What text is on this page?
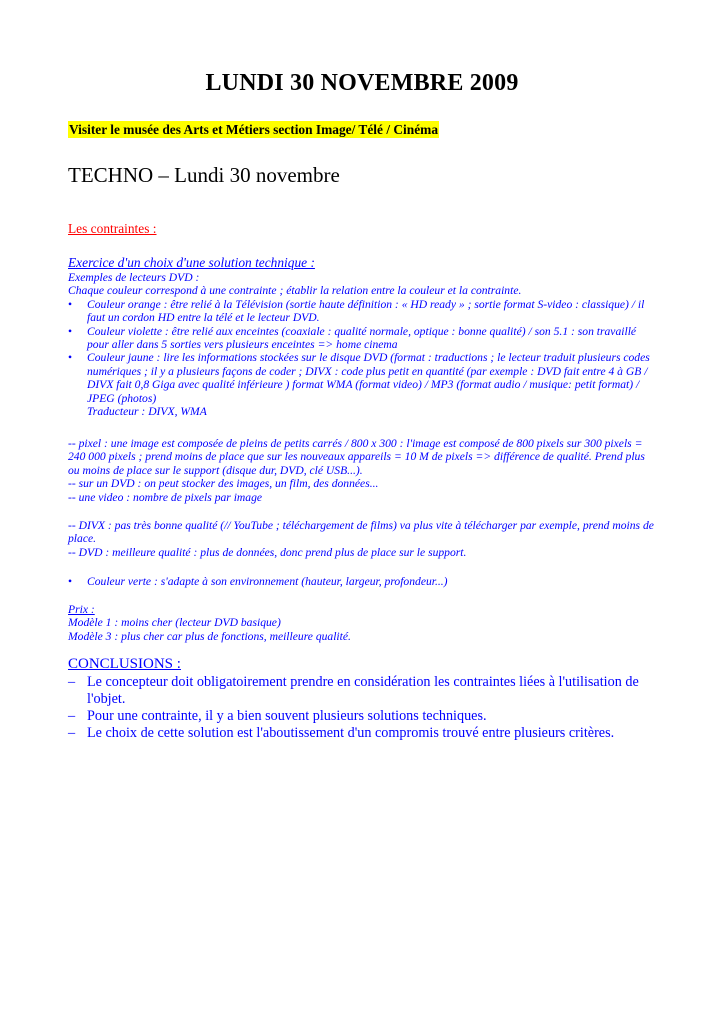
LUNDI 30 NOVEMBRE 2009
Visiter le musée des Arts et Métiers section Image/ Télé / Cinéma
TECHNO – Lundi 30 novembre
Les contraintes :
Exercice d'un choix d'une solution technique :

Exemples de lecteurs DVD :

Chaque couleur correspond à une contrainte ; établir la relation entre la couleur et la contrainte.

• Couleur orange : être relié à la Télévision (sortie haute définition : « HD ready » ; sortie format S-video : classique) / il faut un cordon HD entre la télé et le lecteur DVD.
• Couleur violette : être relié aux enceintes (coaxiale : qualité normale, optique : bonne qualité) / son 5.1 : son travaillé pour aller dans 5 sorties vers plusieurs enceintes => home cinema
• Couleur jaune : lire les informations stockées sur le disque DVD (format : traductions ; le lecteur traduit plusieurs codes numériques ; il y a plusieurs façons de coder ; DIVX : code plus petit en quantité (par exemple : DVD fait entre 4 à GB / DIVX fait 0,8 Giga avec qualité inférieure ) format WMA (format video) / MP3 (format audio / musique: petit format) / JPEG (photos)

Traducteur : DIVX, WMA

-- pixel : une image est composée de pleins de petits carrés / 800 x 300 : l'image est composé de 800 pixels sur 300 pixels = 240 000 pixels ; prend moins de place que sur les nouveaux appareils = 10 M de pixels => différence de qualité. Prend plus ou moins de place sur le support (disque dur, DVD, clé USB...).

-- sur un DVD : on peut stocker des images, un film, des données...

-- une video : nombre de pixels par image

-- DIVX : pas très bonne qualité (// YouTube ; téléchargement de films) va plus vite à télécharger par exemple, prend moins de place.

-- DVD : meilleure qualité : plus de données, donc prend plus de place sur le support.

• Couleur verte : s'adapte à son environnement (hauteur, largeur, profondeur...)

Prix :

Modèle 1 : moins cher (lecteur DVD basique)

Modèle 3 : plus cher car plus de fonctions, meilleure qualité.

CONCLUSIONS :
– Le concepteur doit obligatoirement prendre en considération les contraintes liées à l'utilisation de l'objet.
– Pour une contrainte, il y a bien souvent plusieurs solutions techniques.
– Le choix de cette solution est l'aboutissement d'un compromis trouvé entre plusieurs critères.
